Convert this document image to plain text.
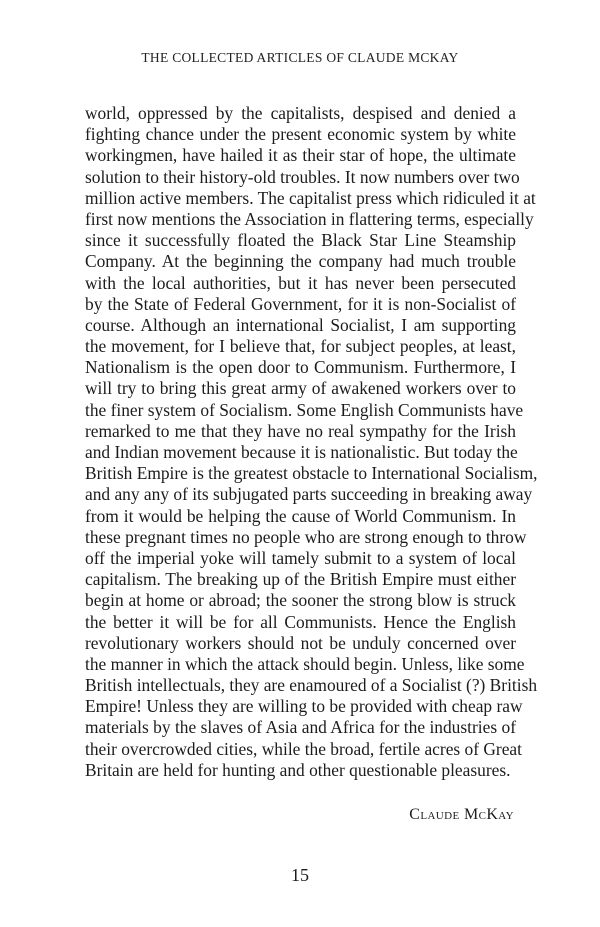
THE COLLECTED ARTICLES OF CLAUDE MCKAY
world, oppressed by the capitalists, despised and denied a
fighting chance under the present economic system by white
workingmen, have hailed it as their star of hope, the ultimate
solution to their history-old troubles. It now numbers over two
million active members. The capitalist press which ridiculed it at
first now mentions the Association in flattering terms, especially
since it successfully floated the Black Star Line Steamship
Company. At the beginning the company had much trouble
with the local authorities, but it has never been persecuted
by the State of Federal Government, for it is non-Socialist of
course. Although an international Socialist, I am supporting
the movement, for I believe that, for subject peoples, at least,
Nationalism is the open door to Communism. Furthermore, I
will try to bring this great army of awakened workers over to
the finer system of Socialism. Some English Communists have
remarked to me that they have no real sympathy for the Irish
and Indian movement because it is nationalistic. But today the
British Empire is the greatest obstacle to International Socialism,
and any any of its subjugated parts succeeding in breaking away
from it would be helping the cause of World Communism. In
these pregnant times no people who are strong enough to throw
off the imperial yoke will tamely submit to a system of local
capitalism. The breaking up of the British Empire must either
begin at home or abroad; the sooner the strong blow is struck
the better it will be for all Communists. Hence the English
revolutionary workers should not be unduly concerned over
the manner in which the attack should begin. Unless, like some
British intellectuals, they are enamoured of a Socialist (?) British
Empire! Unless they are willing to be provided with cheap raw
materials by the slaves of Asia and Africa for the industries of
their overcrowded cities, while the broad, fertile acres of Great
Britain are held for hunting and other questionable pleasures.
Claude McKay
15
